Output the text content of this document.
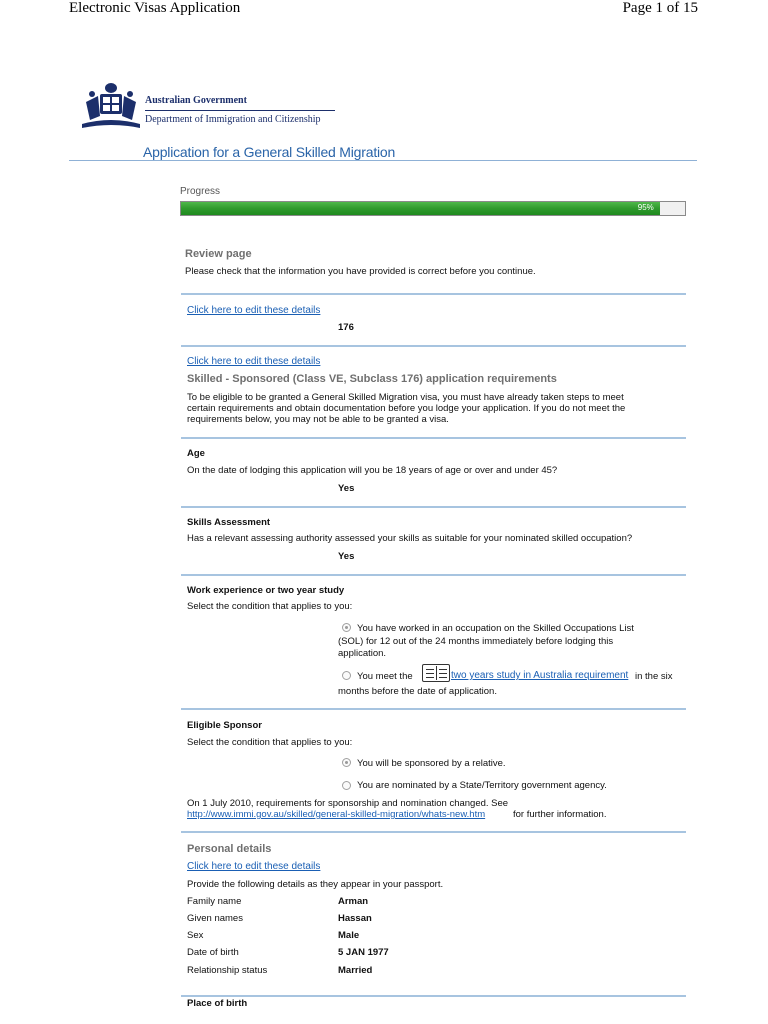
Electronic Visas Application	Page 1 of 15
Australian Government
Department of Immigration and Citizenship
Application for a General Skilled Migration
Progress
95%
Review page
Please check that the information you have provided is correct before you continue.
Click here to edit these details
176
Click here to edit these details
Skilled - Sponsored (Class VE, Subclass 176) application requirements
To be eligible to be granted a General Skilled Migration visa, you must have already taken steps to meet
certain requirements and obtain documentation before you lodge your application. If you do not meet the
requirements below, you may not be able to be granted a visa.
Age
On the date of lodging this application will you be 18 years of age or over and under 45?
Yes
Skills Assessment
Has a relevant assessing authority assessed your skills as suitable for your nominated skilled occupation?
Yes
Work experience or two year study
Select the condition that applies to you:
You have worked in an occupation on the Skilled Occupations List
(SOL) for 12 out of the 24 months immediately before lodging this
application.
You meet the	two years study in Australia requirement in the six
months before the date of application.
Eligible Sponsor
Select the condition that applies to you:
You will be sponsored by a relative.
You are nominated by a State/Territory government agency.
On 1 July 2010, requirements for sponsorship and nomination changed. See
http://www.immi.gov.au/skilled/general-skilled-migration/whats-new.htm	for further information.
Personal details
Click here to edit these details
Provide the following details as they appear in your passport.
Family name	Arman
Given names	Hassan
Sex	Male
Date of birth	5 JAN 1977
Relationship status	Married
Place of birth
